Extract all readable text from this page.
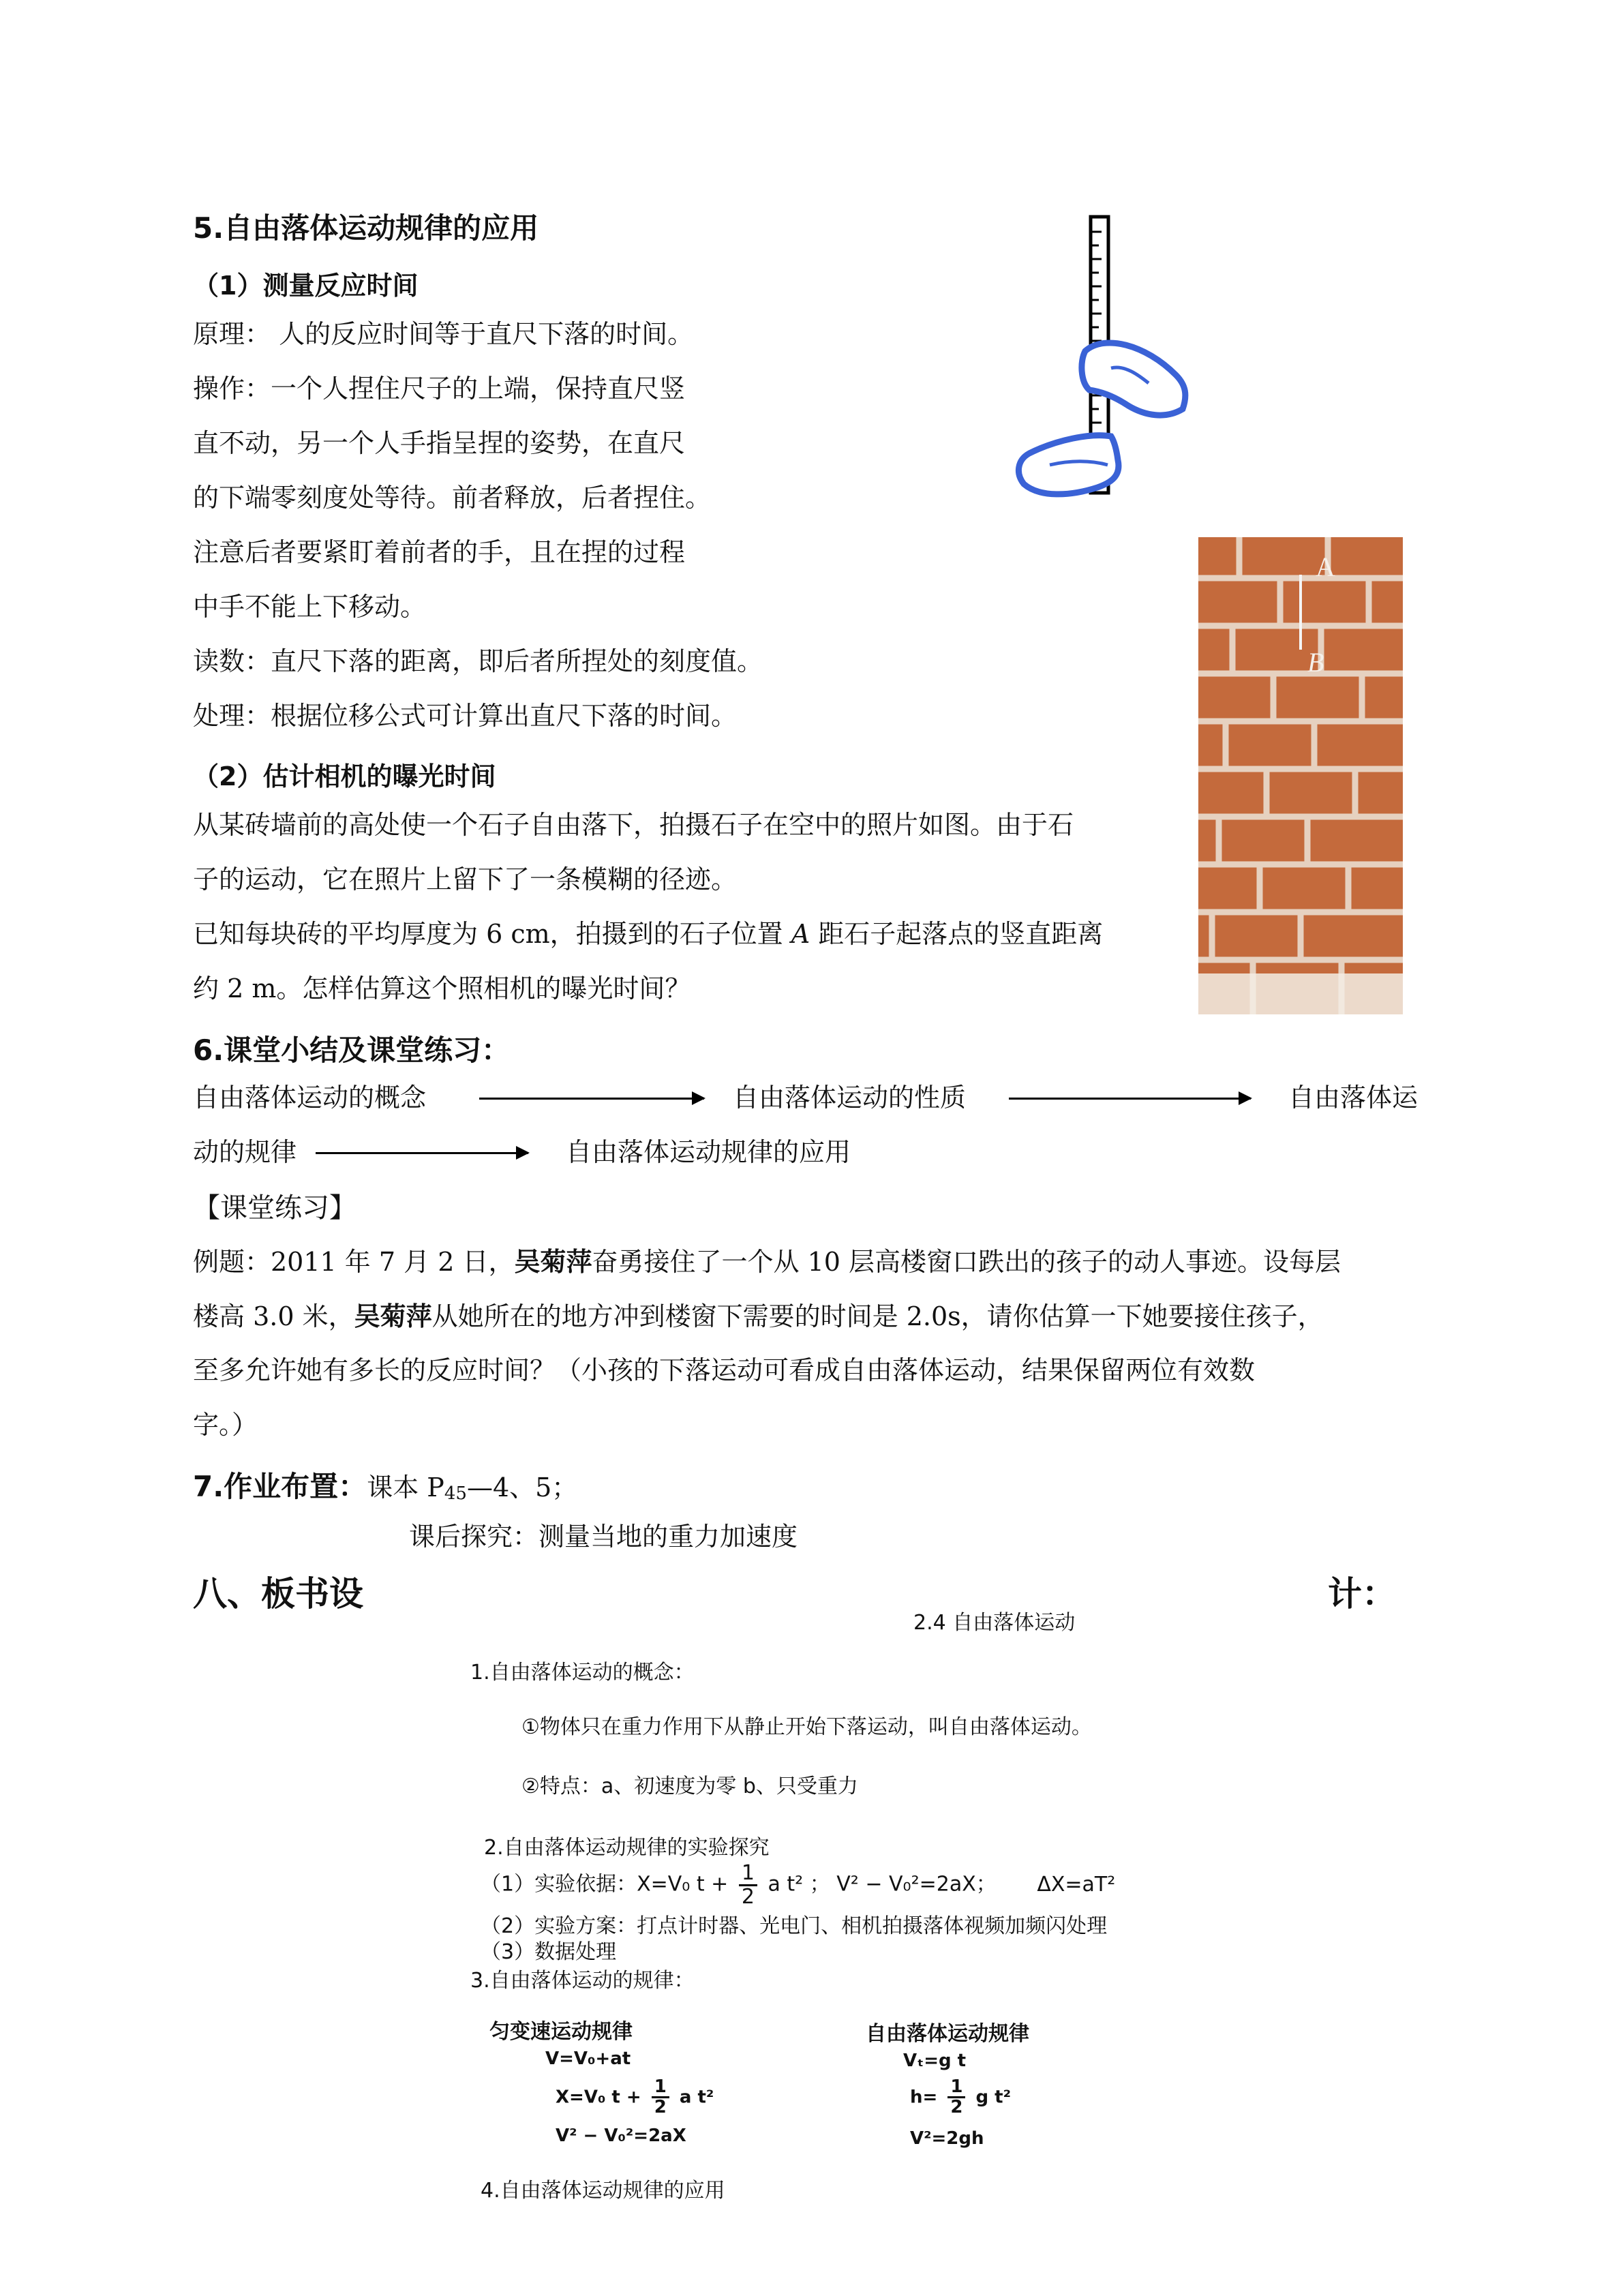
5.自由落体运动规律的应用
（1）测量反应时间
原理： 人的反应时间等于直尺下落的时间。
操作：一个人捏住尺子的上端，保持直尺竖
直不动，另一个人手指呈捏的姿势，在直尺
的下端零刻度处等待。前者释放，后者捏住。
注意后者要紧盯着前者的手，且在捏的过程
中手不能上下移动。
读数：直尺下落的距离，即后者所捏处的刻度值。
处理：根据位移公式可计算出直尺下落的时间。
（2）估计相机的曝光时间
从某砖墙前的高处使一个石子自由落下，拍摄石子在空中的照片如图。由于石
子的运动，它在照片上留下了一条模糊的径迹。
已知每块砖的平均厚度为 6 cm，拍摄到的石子位置 A 距石子起落点的竖直距离
约 2 m。怎样估算这个照相机的曝光时间？
A
B
6.课堂小结及课堂练习：
自由落体运动的概念	自由落体运动的性质	自由落体运
动的规律	自由落体运动规律的应用
【课堂练习】
例题：2011 年 7 月 2 日，吴菊萍奋勇接住了一个从 10 层高楼窗口跌出的孩子的动人事迹。设每层
楼高 3.0 米，吴菊萍从她所在的地方冲到楼窗下需要的时间是 2.0s，请你估算一下她要接住孩子，
至多允许她有多长的反应时间？（小孩的下落运动可看成自由落体运动，结果保留两位有效数
字。）
7.作业布置：课本 $P_{45}—4$、5；
课后探究：测量当地的重力加速度
八、板书设	计：
2.4 自由落体运动
1.自由落体运动的概念：
①物体只在重力作用下从静止开始下落运动，叫自由落体运动。
②特点：a、初速度为零 b、只受重力
2.自由落体运动规律的实验探究
（1）实验依据：X=V₀ $t + \frac{1}{2}$ a t² ； V² − V₀²=2aX； ΔX=aT²
（2）实验方案：打点计时器、光电门、相机拍摄落体视频加频闪处理
（3）数据处理
3.自由落体运动的规律：
匀变速运动规律
V=V₀+at
X=V₀ $t + \frac{1}{2}$ a t²
V² − V₀²=2aX
自由落体运动规律
Vₜ=g t
$h= \frac{1}{2}$ g t²
V²=2gh
4.自由落体运动规律的应用
